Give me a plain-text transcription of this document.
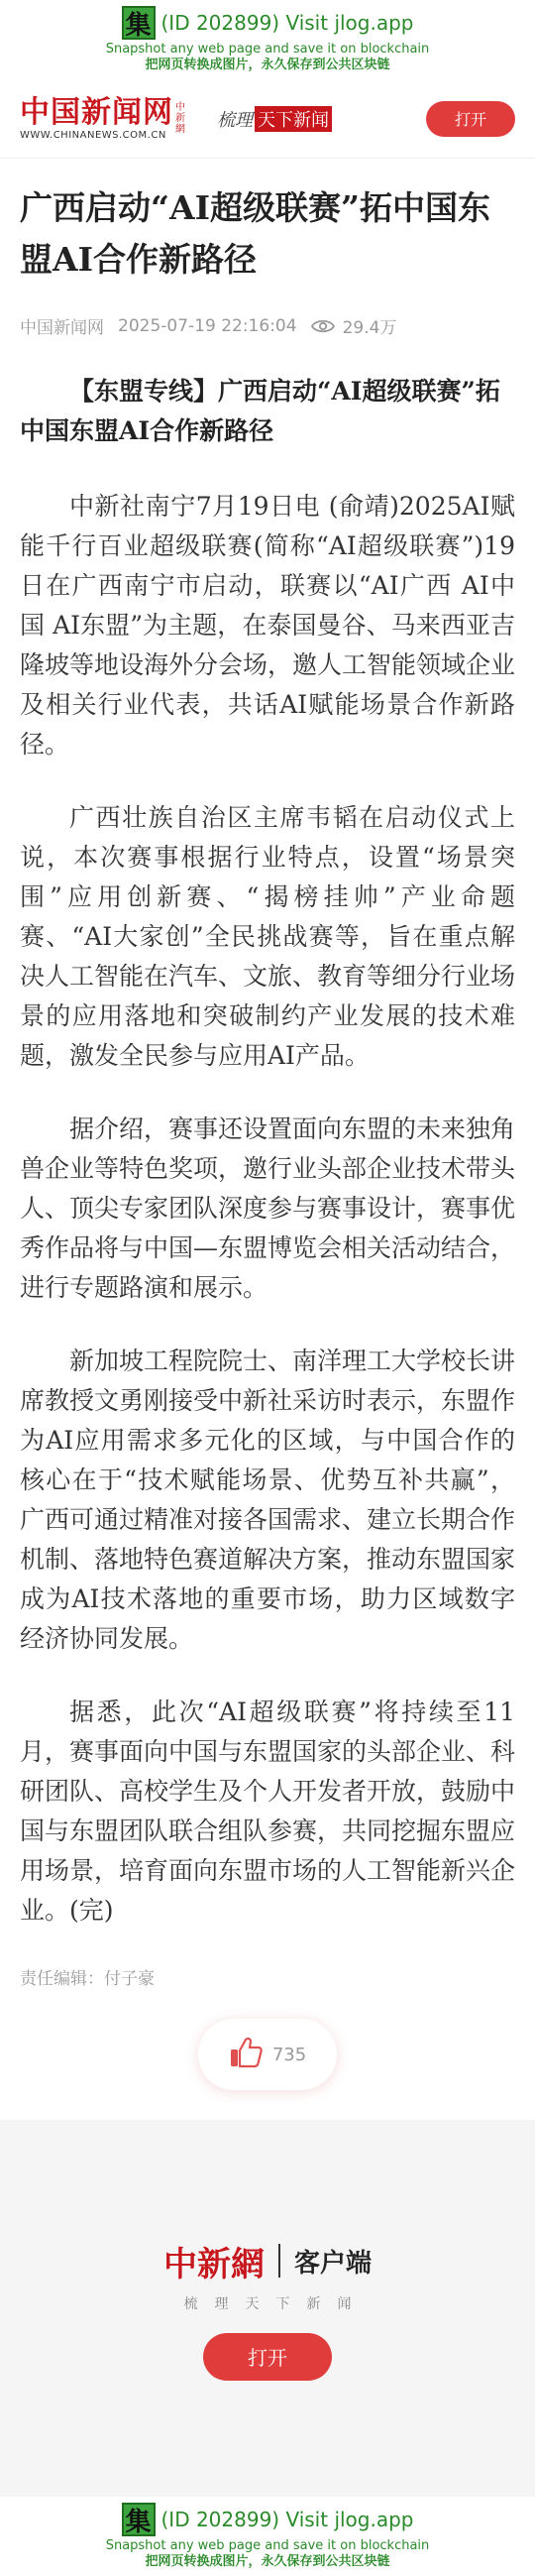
集 (ID 202899) Visit jlog.app
Snapshot any web page and save it on blockchain
把网页转换成图片，永久保存到公共区块链
中国新闻网
WWW.CHINANEWS.COM.CN
中新網 梳理 天下新闻	打开
广西启动“AI超级联赛”拓中国东盟AI合作新路径
中国新闻网 2025-07-19 22:16:04	29.4万

【东盟专线】广西启动“AI超级联赛”拓中国东盟AI合作新路径

中新社南宁7月19日电 (俞靖)2025AI赋能千行百业超级联赛(简称“AI超级联赛”)19日在广西南宁市启动，联赛以“AI广西 AI中国 AI东盟”为主题，在泰国曼谷、马来西亚吉隆坡等地设海外分会场，邀人工智能领域企业及相关行业代表，共话AI赋能场景合作新路径。

广西壮族自治区主席韦韬在启动仪式上说，本次赛事根据行业特点，设置“场景突围”应用创新赛、“揭榜挂帅”产业命题赛、“AI大家创”全民挑战赛等，旨在重点解决人工智能在汽车、文旅、教育等细分行业场景的应用落地和突破制约产业发展的技术难题，激发全民参与应用AI产品。

据介绍，赛事还设置面向东盟的未来独角兽企业等特色奖项，邀行业头部企业技术带头人、顶尖专家团队深度参与赛事设计，赛事优秀作品将与中国—东盟博览会相关活动结合，进行专题路演和展示。

新加坡工程院院士、南洋理工大学校长讲席教授文勇刚接受中新社采访时表示，东盟作为AI应用需求多元化的区域，与中国合作的核心在于“技术赋能场景、优势互补共赢”，广西可通过精准对接各国需求、建立长期合作机制、落地特色赛道解决方案，推动东盟国家成为AI技术落地的重要市场，助力区域数字经济协同发展。

据悉，此次“AI超级联赛”将持续至11月，赛事面向中国与东盟国家的头部企业、科研团队、高校学生及个人开发者开放，鼓励中国与东盟团队联合组队参赛，共同挖掘东盟应用场景，培育面向东盟市场的人工智能新兴企业。(完)

责任编辑：付子豪
735
中新網 客户端
梳理天下新闻
打开
集 (ID 202899) Visit jlog.app
Snapshot any web page and save it on blockchain
把网页转换成图片，永久保存到公共区块链
